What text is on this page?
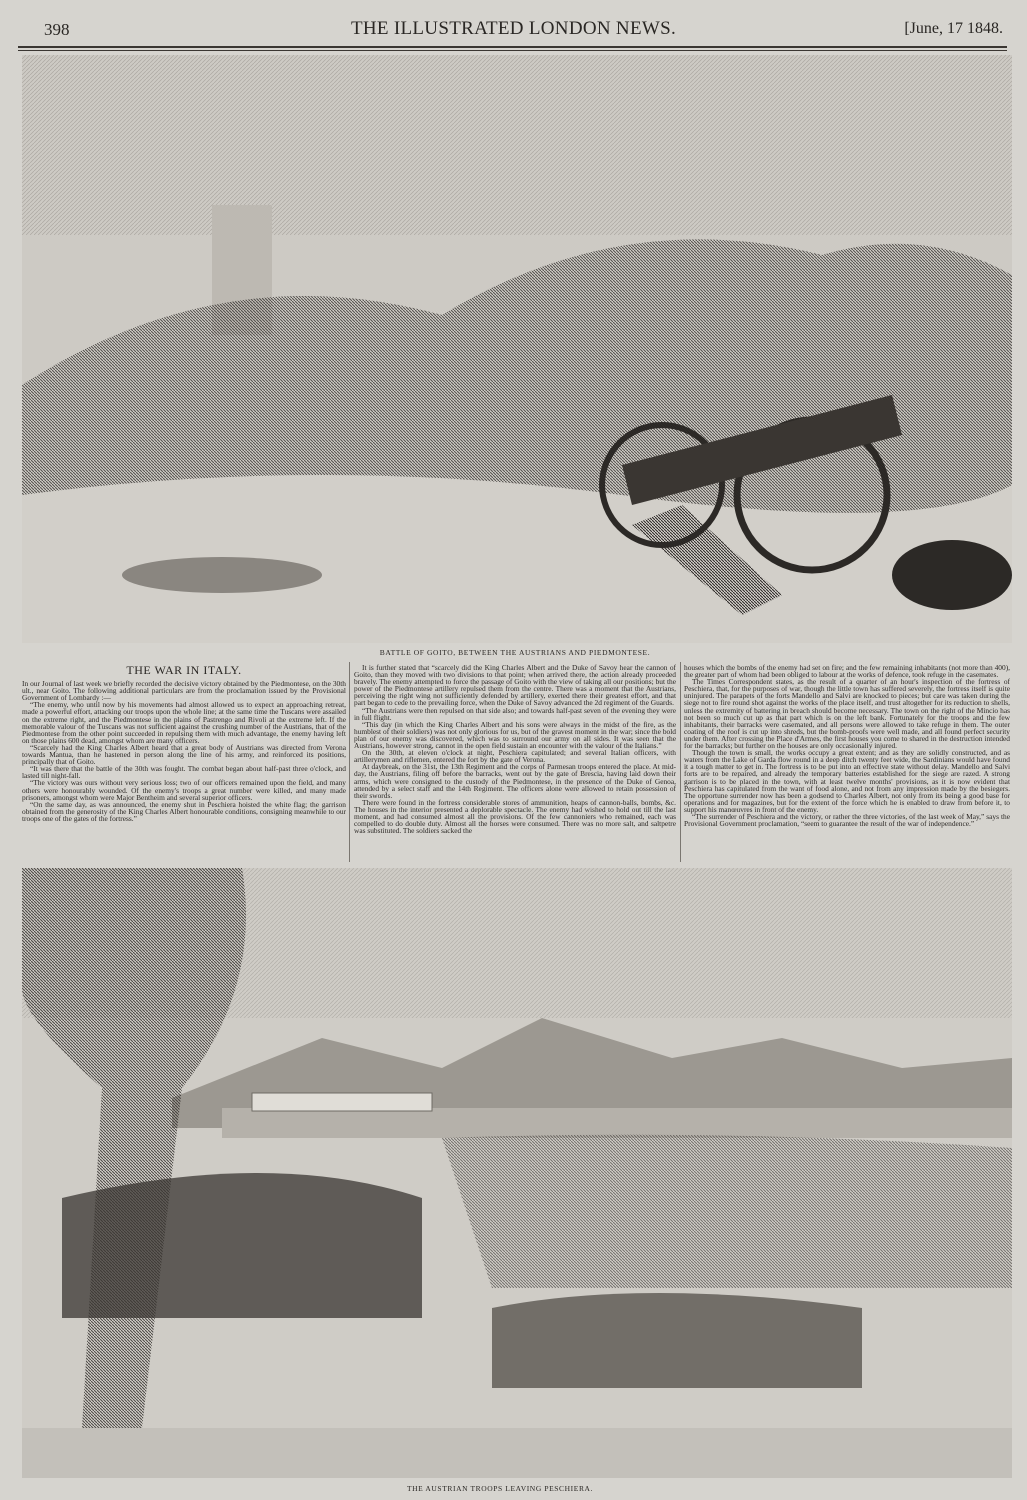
398	THE ILLUSTRATED LONDON NEWS.	[June, 17 1848.
BATTLE OF GOITO, BETWEEN THE AUSTRIANS AND PIEDMONTESE.
THE WAR IN ITALY.

In our Journal of last week we briefly recorded the decisive victory obtained by the Piedmontese, on the 30th ult., near Goito. The following additional particulars are from the proclamation issued by the Provisional Government of Lombardy :—

“The enemy, who until now by his movements had almost allowed us to expect an approaching retreat, made a powerful effort, attacking our troops upon the whole line; at the same time the Tuscans were assailed on the extreme right, and the Piedmontese in the plains of Pastrengo and Rivoli at the extreme left. If the memorable valour of the Tuscans was not sufficient against the crushing number of the Austrians, that of the Piedmontese from the other point succeeded in repulsing them with much advantage, the enemy having left on those plains 600 dead, amongst whom are many officers.

“Scarcely had the King Charles Albert heard that a great body of Austrians was directed from Verona towards Mantua, than he hastened in person along the line of his army, and reinforced its positions, principally that of Goito.

“It was there that the battle of the 30th was fought. The combat began about half-past three o'clock, and lasted till night-fall.

“The victory was ours without very serious loss; two of our officers remained upon the field, and many others were honourably wounded. Of the enemy's troops a great number were killed, and many made prisoners, amongst whom were Major Bentheim and several superior officers.

“On the same day, as was announced, the enemy shut in Peschiera hoisted the white flag; the garrison obtained from the generosity of the King Charles Albert honourable conditions, consigning meanwhile to our troops one of the gates of the fortress.”

It is further stated that “scarcely did the King Charles Albert and the Duke of Savoy hear the cannon of Goito, than they moved with two divisions to that point; when arrived there, the action already proceeded bravely. The enemy attempted to force the passage of Goito with the view of taking all our positions; but the power of the Piedmontese artillery repulsed them from the centre. There was a moment that the Austrians, perceiving the right wing not sufficiently defended by artillery, exerted there their greatest effort, and that part began to cede to the prevailing force, when the Duke of Savoy advanced the 2d regiment of the Guards.

“The Austrians were then repulsed on that side also; and towards half-past seven of the evening they were in full flight.

“This day (in which the King Charles Albert and his sons were always in the midst of the fire, as the humblest of their soldiers) was not only glorious for us, but of the gravest moment in the war; since the bold plan of our enemy was discovered, which was to surround our army on all sides. It was seen that the Austrians, however strong, cannot in the open field sustain an encounter with the valour of the Italians.”

On the 30th, at eleven o'clock at night, Peschiera capitulated; and several Italian officers, with artillerymen and riflemen, entered the fort by the gate of Verona.

At daybreak, on the 31st, the 13th Regiment and the corps of Parmesan troops entered the place. At mid-day, the Austrians, filing off before the barracks, went out by the gate of Brescia, having laid down their arms, which were consigned to the custody of the Piedmontese, in the presence of the Duke of Genoa, attended by a select staff and the 14th Regiment. The officers alone were allowed to retain possession of their swords.

There were found in the fortress considerable stores of ammunition, heaps of cannon-balls, bombs, &c. The houses in the interior presented a deplorable spectacle. The enemy had wished to hold out till the last moment, and had consumed almost all the provisions. Of the few cannoniers who remained, each was compelled to do double duty. Almost all the horses were consumed. There was no more salt, and saltpetre was substituted. The soldiers sacked the

houses which the bombs of the enemy had set on fire; and the few remaining inhabitants (not more than 400), the greater part of whom had been obliged to labour at the works of defence, took refuge in the casemates.

The Times Correspondent states, as the result of a quarter of an hour's inspection of the fortress of Peschiera, that, for the purposes of war, though the little town has suffered severely, the fortress itself is quite uninjured. The parapets of the forts Mandello and Salvi are knocked to pieces; but care was taken during the siege not to fire round shot against the works of the place itself, and trust altogether for its reduction to shells, unless the extremity of battering in breach should become necessary. The town on the right of the Mincio has not been so much cut up as that part which is on the left bank. Fortunately for the troops and the few inhabitants, their barracks were casemated, and all persons were allowed to take refuge in them. The outer coating of the roof is cut up into shreds, but the bomb-proofs were well made, and all found perfect security under them. After crossing the Place d'Armes, the first houses you come to shared in the destruction intended for the barracks; but further on the houses are only occasionally injured.

Though the town is small, the works occupy a great extent; and as they are solidly constructed, and as waters from the Lake of Garda flow round in a deep ditch twenty feet wide, the Sardinians would have found it a tough matter to get in. The fortress is to be put into an effective state without delay. Mandello and Salvi forts are to be repaired, and already the temporary batteries established for the siege are razed. A strong garrison is to be placed in the town, with at least twelve months' provisions, as it is now evident that Peschiera has capitulated from the want of food alone, and not from any impression made by the besiegers. The opportune surrender now has been a godsend to Charles Albert, not only from its being a good base for operations and for magazines, but for the extent of the force which he is enabled to draw from before it, to support his manœuvres in front of the enemy.

“The surrender of Peschiera and the victory, or rather the three victories, of the last week of May,” says the Provisional Government proclamation, “seem to guarantee the result of the war of independence.”

THE AUSTRIAN TROOPS LEAVING PESCHIERA.
